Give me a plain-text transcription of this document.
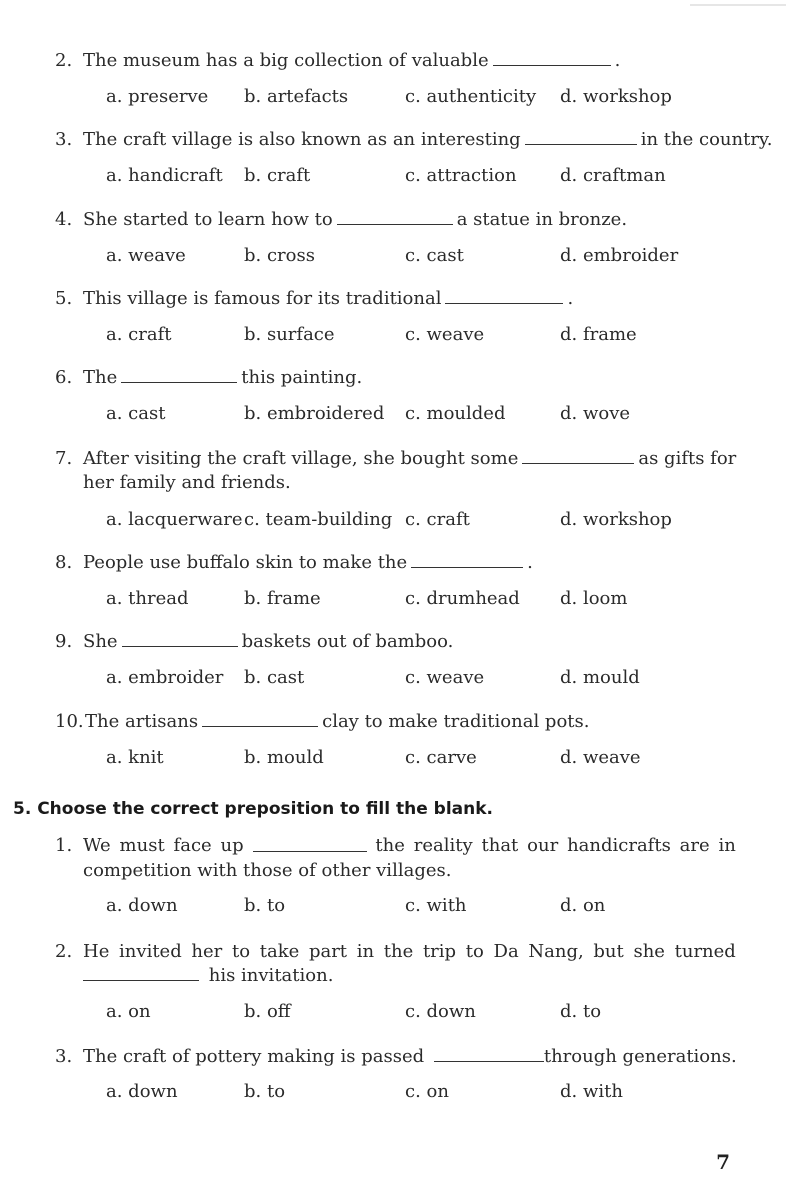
2. The museum has a big collection of valuable	.
a. preserve b. artefacts	c. authenticity d. workshop
3. The craft village is also known as an interesting	in the country.
a. handicraft b. craft	c. attraction d. craftman
4. She started to learn how to	a statue in bronze.
a. weave	b. cross	c. cast	d. embroider
5. This village is famous for its traditional	.
a. craft	b. surface	c. weave	d. frame
6. The	this painting.
a. cast	b. embroidered c. moulded	d. wove
7. After visiting the craft village, she bought some	as gifts for
her family and friends.
a. lacquerware c. team-building c. craft	d. workshop
8. People use buffalo skin to make the	.
a. thread	b. frame	c. drumhead d. loom
9. She	baskets out of bamboo.
a. embroider b. cast	c. weave	d. mould
10. The artisans	clay to make traditional pots.
a. knit	b. mould	c. carve	d. weave
5. Choose the correct preposition to fill the blank.
1. We must face up	the reality that our handicrafts are in
competition with those of other villages.
a. down	b. to	c. with	d. on
2. He invited her to take part in the trip to Da Nang, but she turned
his invitation.
a. on	b. off	c. down	d. to
3. The craft of pottery making is passed	through generations.
a. down	b. to	c. on	d. with
7
